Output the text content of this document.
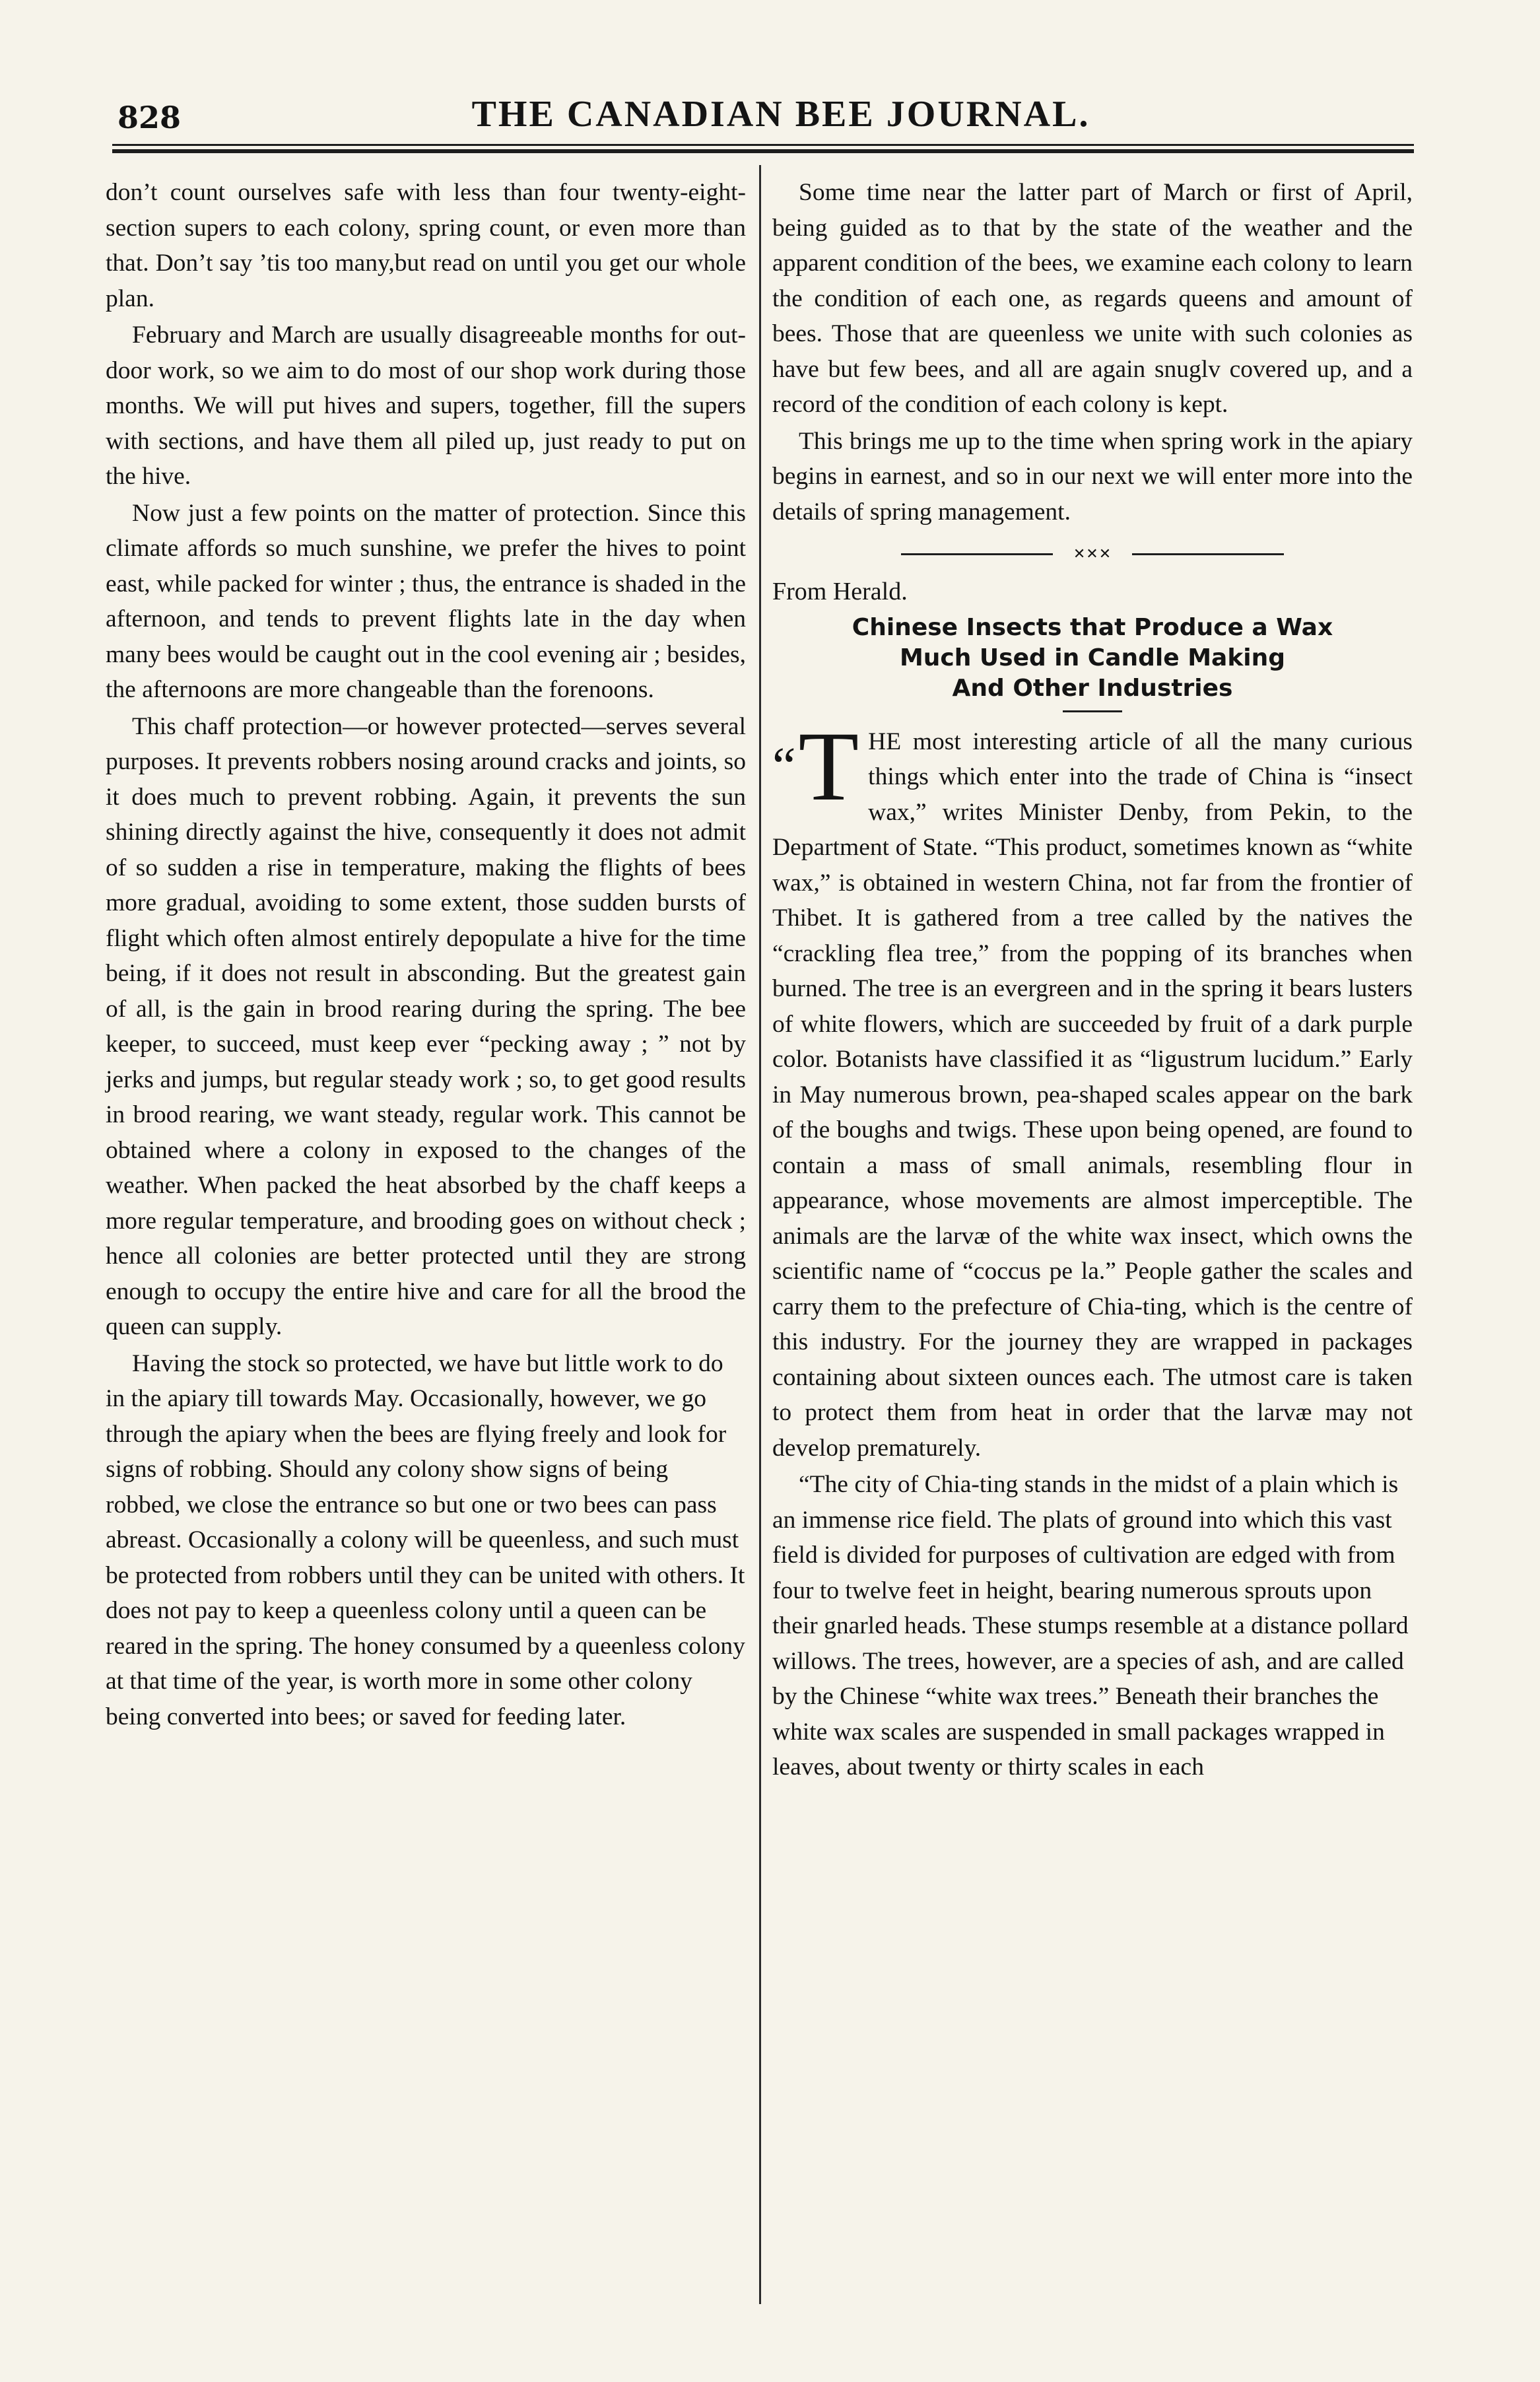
828	THE CANADIAN BEE JOURNAL.

don’t count ourselves safe with less than four twenty-eight-section supers to each colony, spring count, or even more than that. Don’t say ’tis too many,but read on until you get our whole plan.

February and March are usually disagreeable months for out-door work, so we aim to do most of our shop work during those months. We will put hives and supers, together, fill the supers with sections, and have them all piled up, just ready to put on the hive.

Now just a few points on the matter of protection. Since this climate affords so much sunshine, we prefer the hives to point east, while packed for winter ; thus, the entrance is shaded in the afternoon, and tends to prevent flights late in the day when many bees would be caught out in the cool evening air ; besides, the afternoons are more changeable than the forenoons.

This chaff protection—or however protected—serves several purposes. It prevents robbers nosing around cracks and joints, so it does much to prevent robbing. Again, it prevents the sun shining directly against the hive, consequently it does not admit of so sudden a rise in temperature, making the flights of bees more gradual, avoiding to some extent, those sudden bursts of flight which often almost entirely depopulate a hive for the time being, if it does not result in absconding. But the greatest gain of all, is the gain in brood rearing during the spring. The bee keeper, to succeed, must keep ever “pecking away ; ” not by jerks and jumps, but regular steady work ; so, to get good results in brood rearing, we want steady, regular work. This cannot be obtained where a colony in exposed to the changes of the weather. When packed the heat absorbed by the chaff keeps a more regular temperature, and brooding goes on without check ; hence all colonies are better protected until they are strong enough to occupy the entire hive and care for all the brood the queen can supply.

Having the stock so protected, we have but little work to do in the apiary till towards May. Occasionally, however, we go through the apiary when the bees are flying freely and look for signs of robbing. Should any colony show signs of being robbed, we close the entrance so but one or two bees can pass abreast. Occasionally a colony will be queenless, and such must be protected from robbers until they can be united with others. It does not pay to keep a queenless colony until a queen can be reared in the spring. The honey consumed by a queenless colony at that time of the year, is worth more in some other colony being converted into bees; or saved for feeding later.

Some time near the latter part of March or first of April, being guided as to that by the state of the weather and the apparent condition of the bees, we examine each colony to learn the condition of each one, as regards queens and amount of bees. Those that are queenless we unite with such colonies as have but few bees, and all are again snuglv covered up, and a record of the condition of each colony is kept.

This brings me up to the time when spring work in the apiary begins in earnest, and so in our next we will enter more into the details of spring management.

✕✕✕

From Herald.

Chinese Insects that Produce a Wax
Much Used in Candle Making
And Other Industries

“T HE most interesting article of all the many curious things which enter into the trade of China is “insect wax,” writes Minister Denby, from Pekin, to the Department of State. “This product, sometimes known as “white wax,” is obtained in western China, not far from the frontier of Thibet. It is gathered from a tree called by the natives the “crackling flea tree,” from the popping of its branches when burned. The tree is an evergreen and in the spring it bears lusters of white flowers, which are succeeded by fruit of a dark purple color. Botanists have classified it as “ligustrum lucidum.” Early in May numerous brown, pea-shaped scales appear on the bark of the boughs and twigs. These upon being opened, are found to contain a mass of small animals, resembling flour in appearance, whose movements are almost imperceptible. The animals are the larvæ of the white wax insect, which owns the scientific name of “coccus pe la.” People gather the scales and carry them to the prefecture of Chia-ting, which is the centre of this industry. For the journey they are wrapped in packages containing about sixteen ounces each. The utmost care is taken to protect them from heat in order that the larvæ may not develop prematurely.

“The city of Chia-ting stands in the midst of a plain which is an immense rice field. The plats of ground into which this vast field is divided for purposes of cultivation are edged with from four to twelve feet in height, bearing numerous sprouts upon their gnarled heads. These stumps resemble at a distance pollard willows. The trees, however, are a species of ash, and are called by the Chinese “white wax trees.” Beneath their branches the white wax scales are suspended in small packages wrapped in leaves, about twenty or thirty scales in each
